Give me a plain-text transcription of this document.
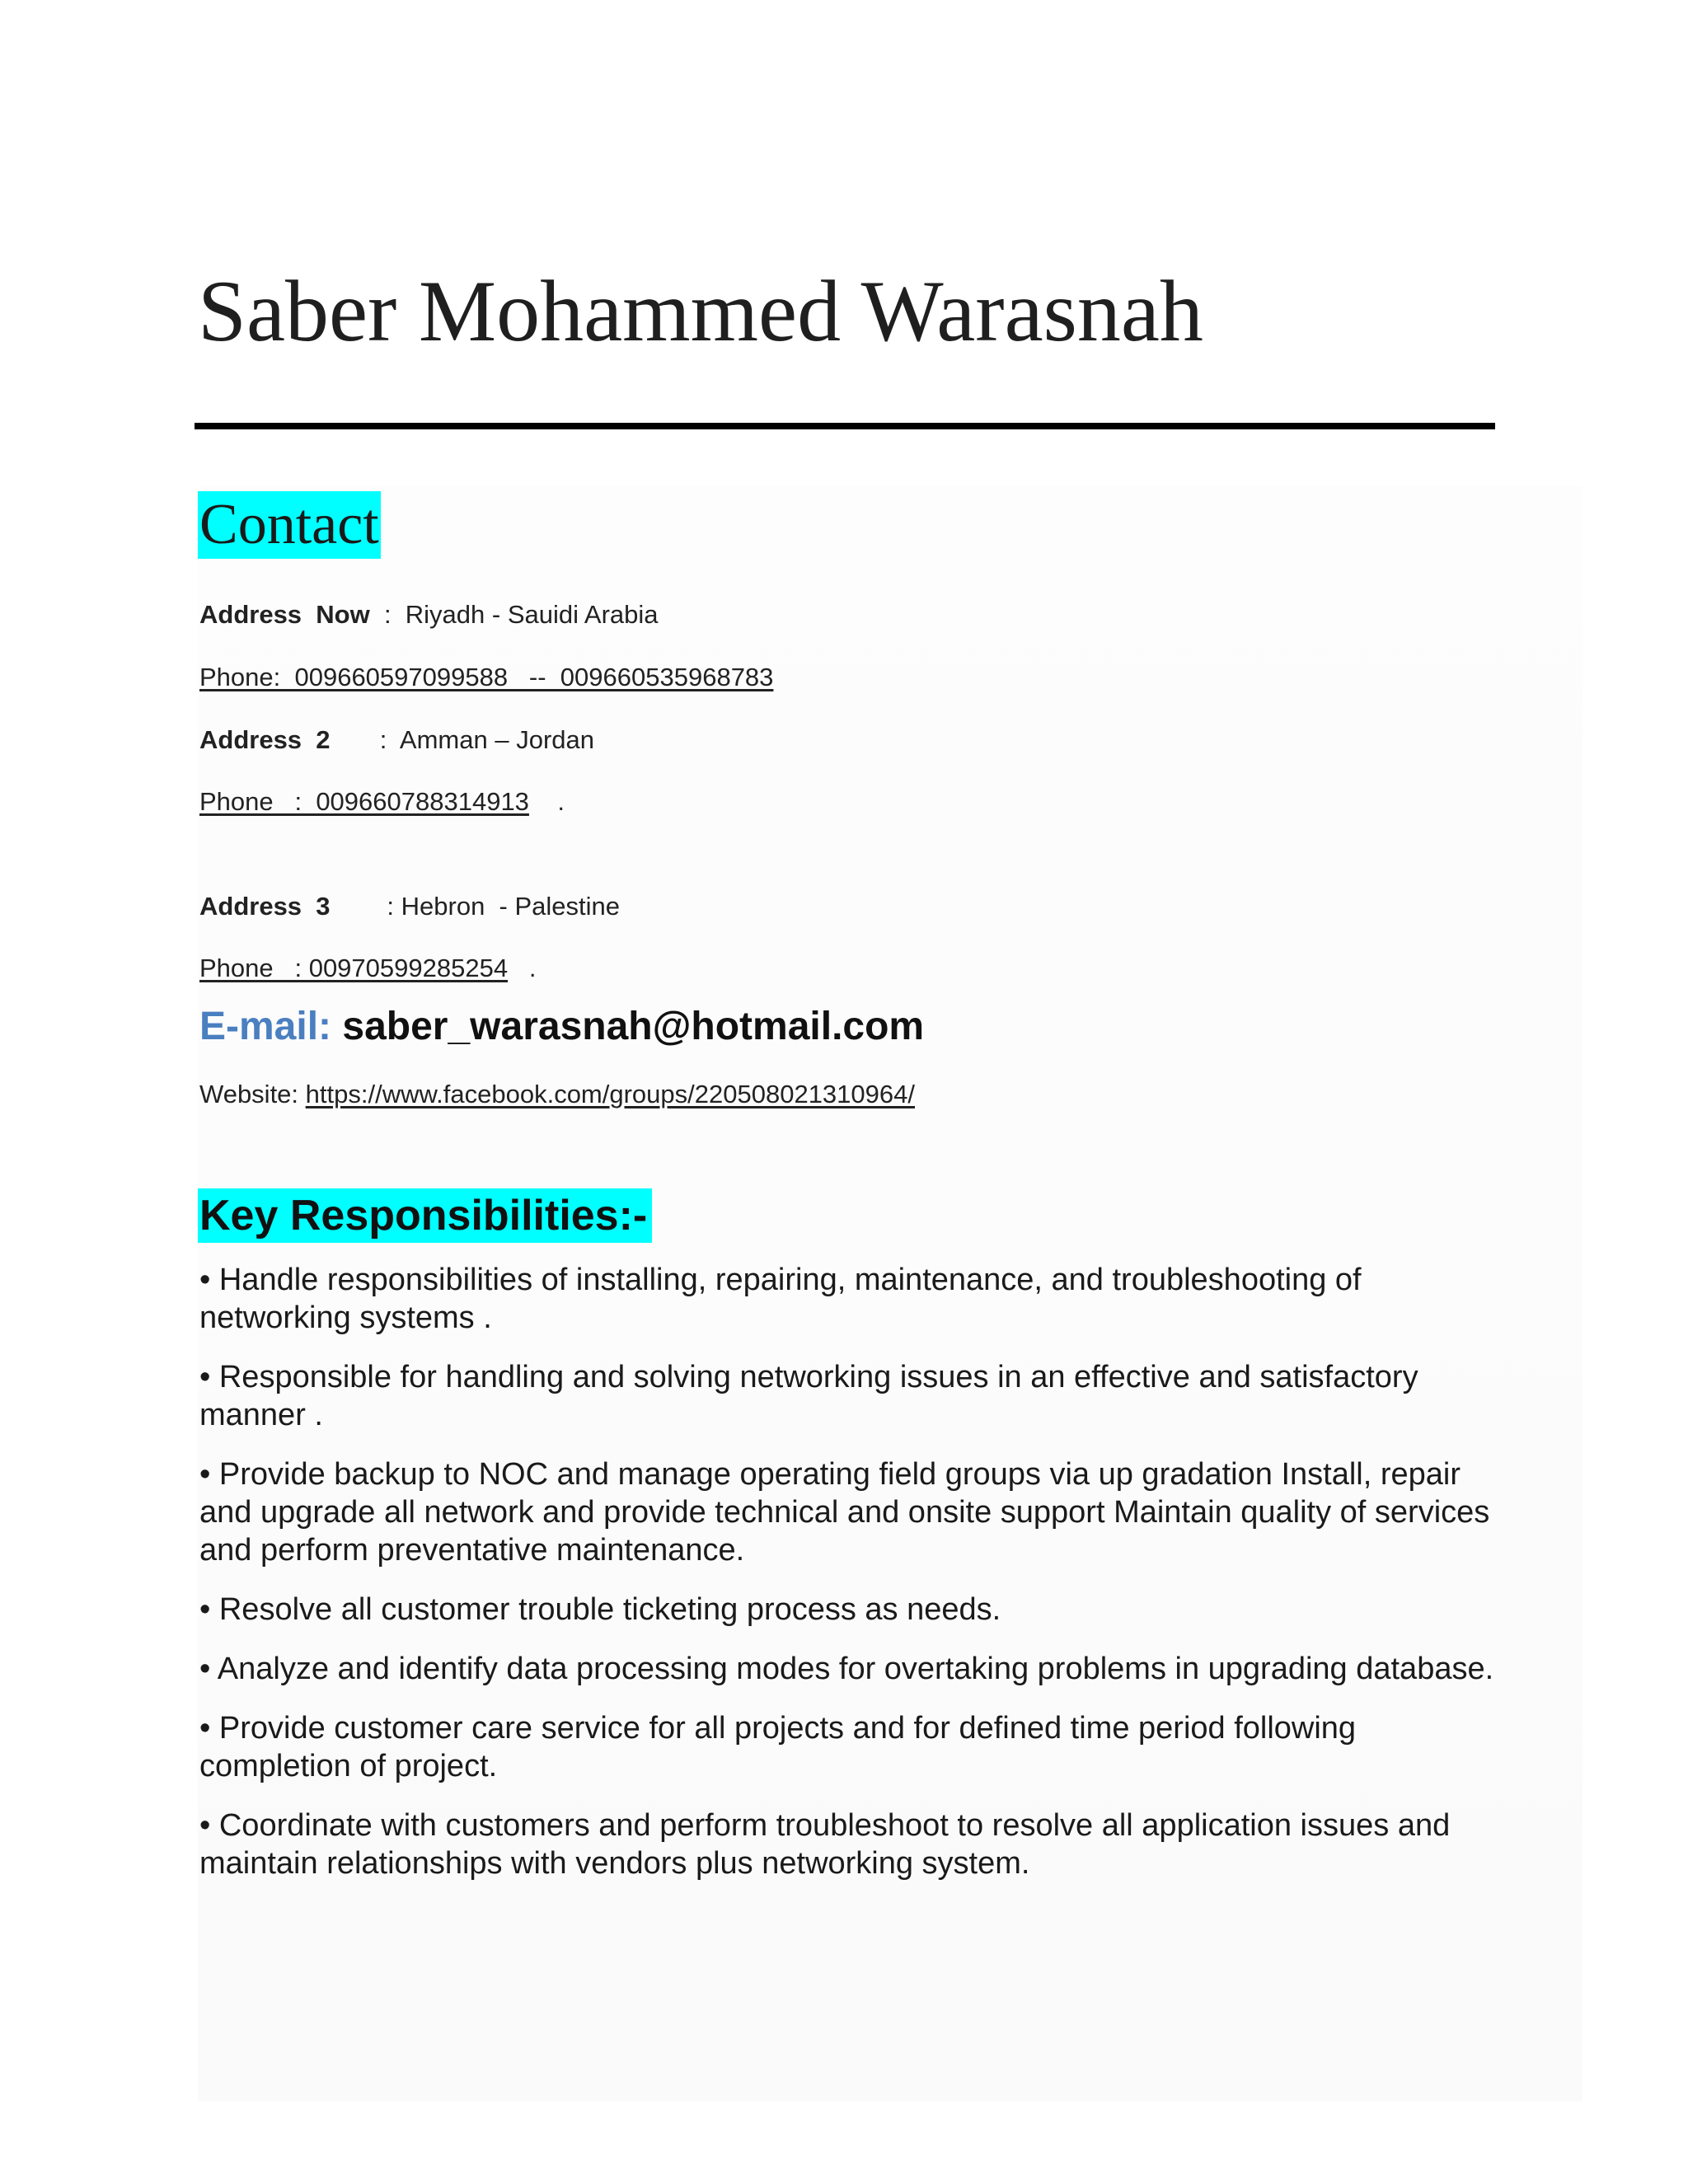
Saber Mohammed Warasnah
Contact
Address  Now  :  Riyadh - Sauidi Arabia
Phone:  009660597099588   --  009660535968783
Address  2       :  Amman – Jordan
Phone   :  009660788314913    .
Address  3        : Hebron  - Palestine
Phone   : 00970599285254   .
E-mail: saber_warasnah@hotmail.com
Website: https://www.facebook.com/groups/220508021310964/
Key Responsibilities:-
• Handle responsibilities of installing, repairing, maintenance, and troubleshooting of networking systems .
• Responsible for handling and solving networking issues in an effective and satisfactory manner .
• Provide backup to NOC and manage operating field groups via up gradation Install, repair and upgrade all network and provide technical and onsite support Maintain quality of services and perform preventative maintenance.
• Resolve all customer trouble ticketing process as needs.
• Analyze and identify data processing modes for overtaking problems in upgrading database.
• Provide customer care service for all projects and for defined time period following completion of project.
• Coordinate with customers and perform troubleshoot to resolve all application issues and maintain relationships with vendors plus networking system.
